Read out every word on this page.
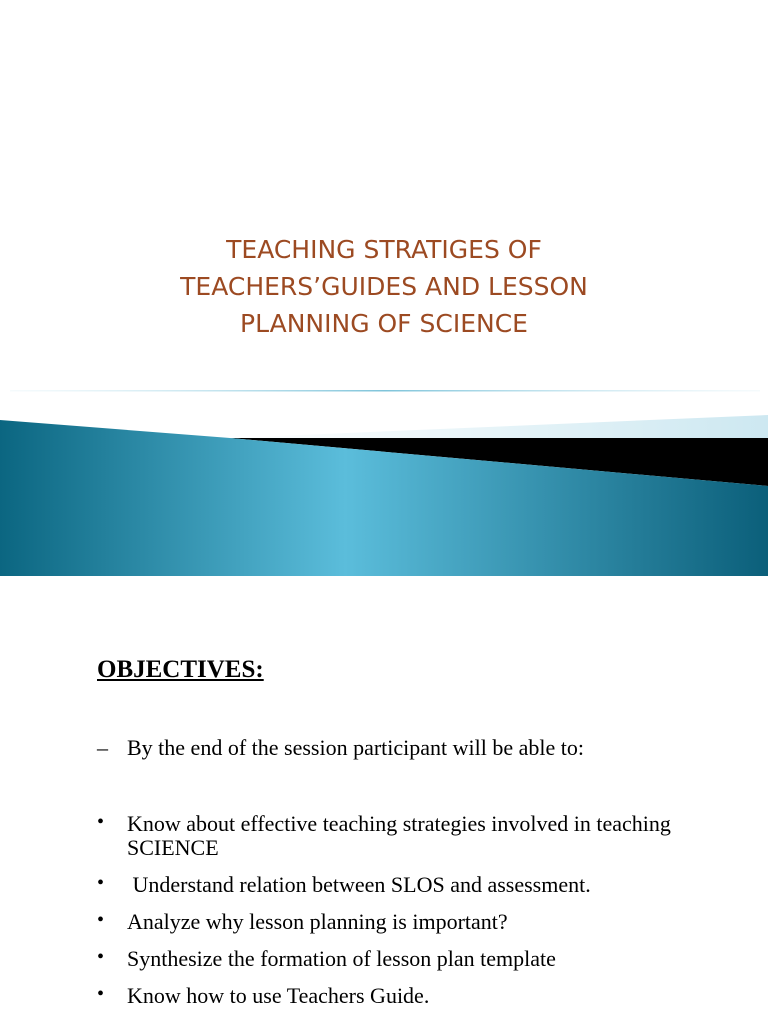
TEACHING STRATIGES OF
TEACHERS’GUIDES AND LESSON
PLANNING OF SCIENCE
OBJECTIVES:
– By the end of the session participant will be able to:
• Know about effective teaching strategies involved in teaching SCIENCE
• Understand relation between SLOS and assessment.
• Analyze why lesson planning is important?
• Synthesize the formation of lesson plan template
• Know how to use Teachers Guide.
